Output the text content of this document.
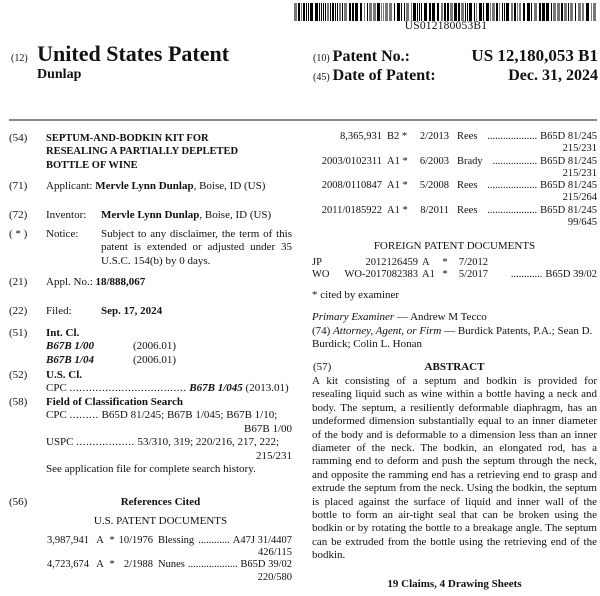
US012180053B1
(12) United States Patent
Dunlap
(10) Patent No.:	US 12,180,053 B1
(45) Date of Patent:	Dec. 31, 2024
(54)	SEPTUM-AND-BODKIN KIT FOR
RESEALING A PARTIALLY DEPLETED
BOTTLE OF WINE
(71)	Applicant: Mervle Lynn Dunlap, Boise, ID (US)
(72)	Inventor:	Mervle Lynn Dunlap, Boise, ID (US)
( * )	Notice:	Subject to any disclaimer, the term of this patent is extended or adjusted under 35 U.S.C. 154(b) by 0 days.
(21)	Appl. No.: 18/888,067
(22)	Filed:	Sep. 17, 2024
(51)	Int. Cl.
B67B 1/00	(2006.01)
B67B 1/04	(2006.01)
(52)	U.S. Cl.
CPC .................................... B67B 1/045 (2013.01)
(58)	Field of Classification Search
CPC ......... B65D 81/245; B67B 1/045; B67B 1/10;
B67B 1/00
USPC .................. 53/310, 319; 220/216, 217, 222;
215/231
See application file for complete search history.
(56)	References Cited
U.S. PATENT DOCUMENTS
3,987,941 A * 10/1976 Blessing ............ A47J 31/4407
426/115
4,723,674 A * 2/1988 Nunes ................... B65D 39/02
220/580
8,365,931 B2 *	2/2013 Rees ................... B65D 81/245
215/231
2003/0102311 A1 *	6/2003 Brady ................. B65D 81/245
215/231
2008/0110847 A1 *	5/2008 Rees ................... B65D 81/245
215/264
2011/0185922 A1 *	8/2011 Rees ................... B65D 81/245
99/645
FOREIGN PATENT DOCUMENTS
JP	2012126459 A	*	7/2012
WO	WO-2017082383 A1 *	5/2017	............ B65D 39/02
* cited by examiner
Primary Examiner — Andrew M Tecco
(74) Attorney, Agent, or Firm — Burdick Patents, P.A.; Sean D. Burdick; Colin L. Honan
(57)	ABSTRACT
A kit consisting of a septum and bodkin is provided for resealing liquid such as wine within a bottle having a neck and body. The septum, a resiliently deformable diaphragm, has an undeformed dimension substantially equal to an inner diameter of the body and is deformable to a dimension less than an inner diameter of the neck. The bodkin, an elongated rod, has a ramming end to deform and push the septum through the neck, and opposite the ramming end has a retrieving end to grasp and extrude the septum from the neck. Using the bodkin, the septum is placed against the surface of liquid and inner wall of the bottle to form an air-tight seal that can be broken using the bodkin or by rotating the bottle to a breakage angle. The septum can be extruded from the bottle using the retrieving end of the bodkin.
19 Claims, 4 Drawing Sheets
